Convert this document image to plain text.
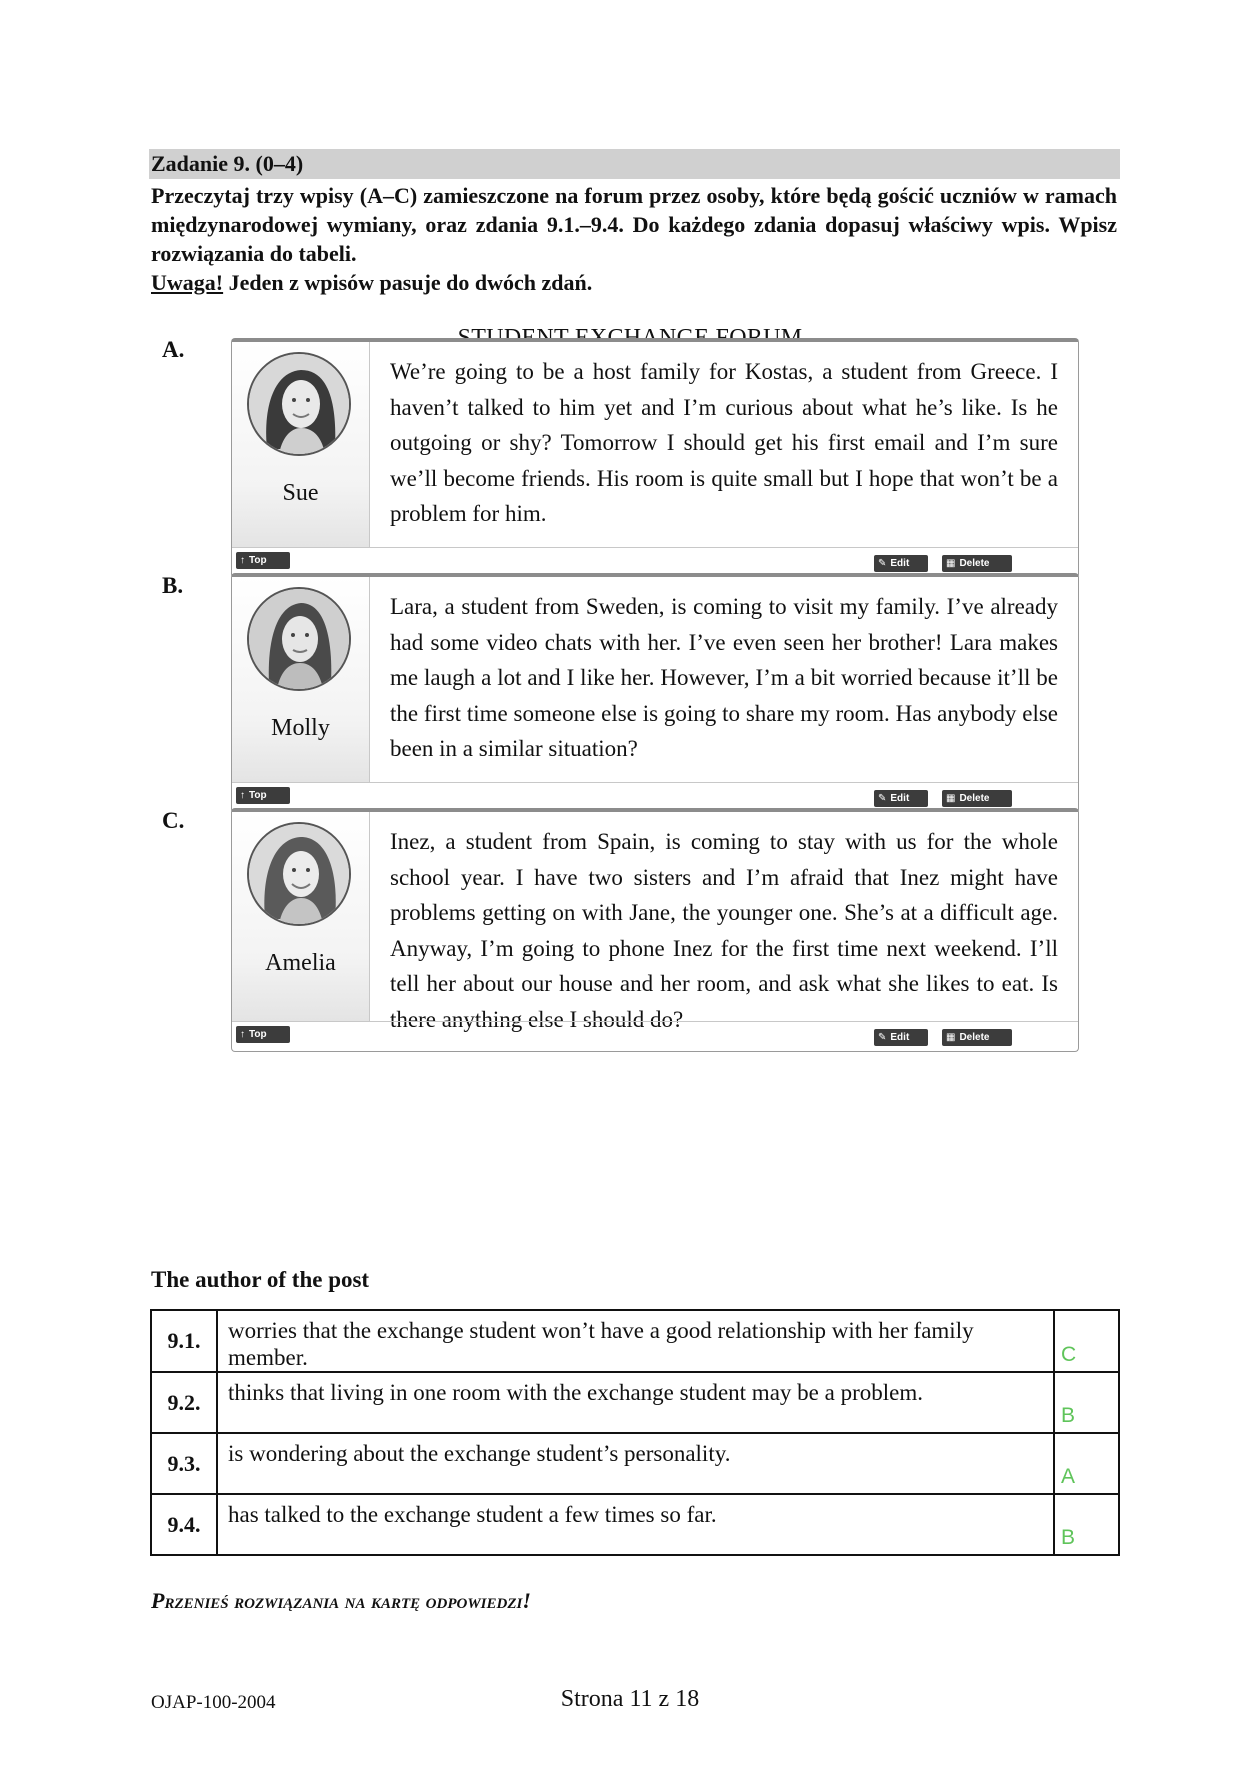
Zadanie 9. (0–4)

Przeczytaj trzy wpisy (A–C) zamieszczone na forum przez osoby, które będą gościć uczniów w ramach międzynarodowej wymiany, oraz zdania 9.1.–9.4. Do każdego zdania dopasuj właściwy wpis. Wpisz rozwiązania do tabeli.

Uwaga! Jeden z wpisów pasuje do dwóch zdań.

A.
Sue
We’re going to be a host family for Kostas, a student from Greece. I haven’t talked to him yet and I’m curious about what he’s like. Is he outgoing or shy? Tomorrow I should get his first email and I’m sure we’ll become friends. His room is quite small but I hope that won’t be a problem for him.
↑ Top	✎ Edit	▦ Delete
B.
Molly
Lara, a student from Sweden, is coming to visit my family. I’ve already had some video chats with her. I’ve even seen her brother! Lara makes me laugh a lot and I like her. However, I’m a bit worried because it’ll be the first time someone else is going to share my room. Has anybody else been in a similar situation?
↑ Top	✎ Edit	▦ Delete
C.
Amelia
Inez, a student from Spain, is coming to stay with us for the whole school year. I have two sisters and I’m afraid that Inez might have problems getting on with Jane, the younger one. She’s at a difficult age. Anyway, I’m going to phone Inez for the first time next weekend. I’ll tell her about our house and her room, and ask what she likes to eat. Is there anything else I should do?
↑ Top	✎ Edit	▦ Delete
The author of the post
9.1.	worries that the exchange student won’t have a good relationship with her family member.	C
9.2.	thinks that living in one room with the exchange student may be a problem.	B
9.3.	is wondering about the exchange student’s personality.	A
9.4.	has talked to the exchange student a few times so far.	B
Przenieś rozwiązania na kartę odpowiedzi!
OJAP-100-2004	Strona 11 z 18
